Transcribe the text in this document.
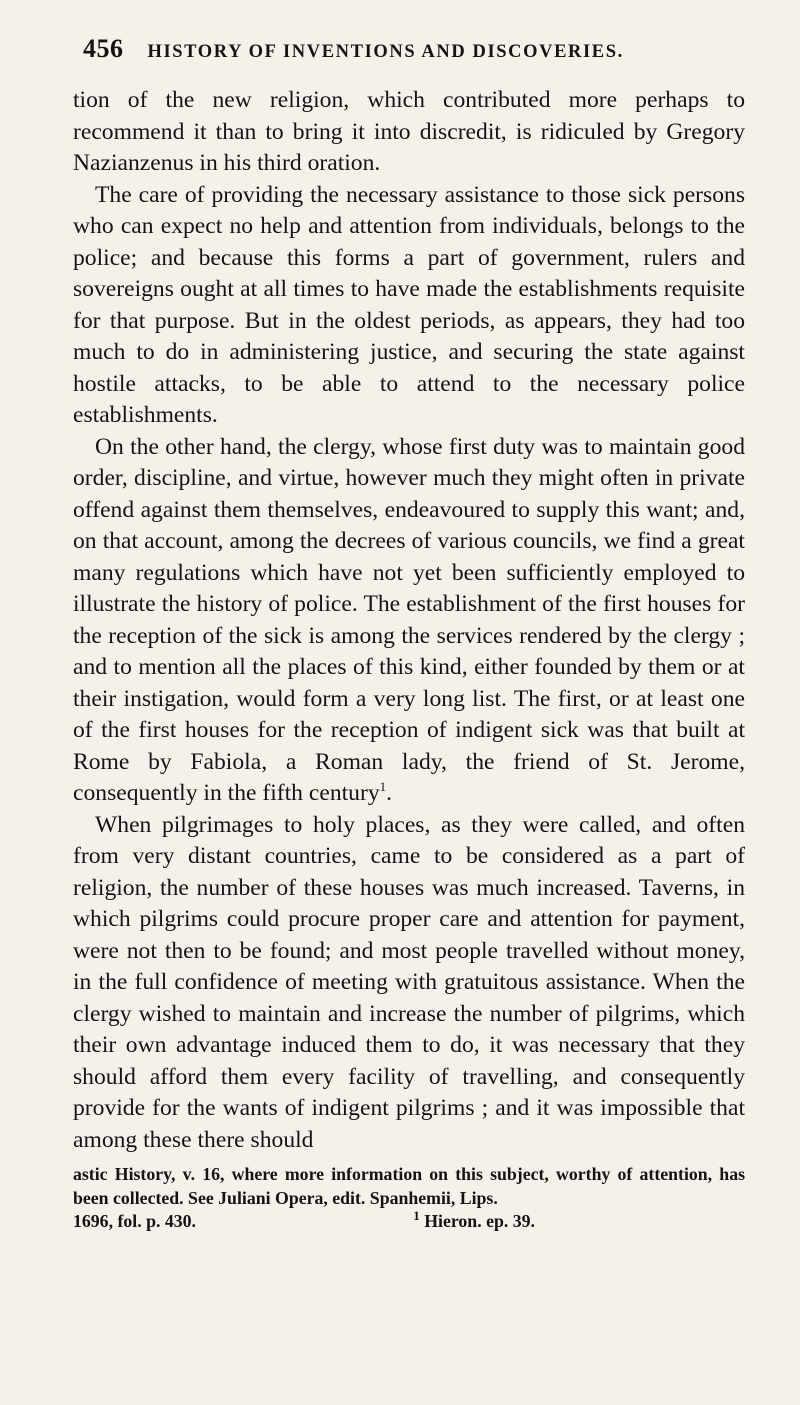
456 HISTORY OF INVENTIONS AND DISCOVERIES.

tion of the new religion, which contributed more perhaps to recommend it than to bring it into discredit, is ridiculed by Gregory Nazianzenus in his third oration.

The care of providing the necessary assistance to those sick persons who can expect no help and attention from individuals, belongs to the police; and because this forms a part of government, rulers and sovereigns ought at all times to have made the establishments requisite for that purpose. But in the oldest periods, as appears, they had too much to do in administering justice, and securing the state against hostile attacks, to be able to attend to the necessary police establishments.

On the other hand, the clergy, whose first duty was to maintain good order, discipline, and virtue, however much they might often in private offend against them themselves, endeavoured to supply this want; and, on that account, among the decrees of various councils, we find a great many regulations which have not yet been sufficiently employed to illustrate the history of police. The establishment of the first houses for the reception of the sick is among the services rendered by the clergy ; and to mention all the places of this kind, either founded by them or at their instigation, would form a very long list. The first, or at least one of the first houses for the reception of indigent sick was that built at Rome by Fabiola, a Roman lady, the friend of St. Jerome, consequently in the fifth century$^1$.

When pilgrimages to holy places, as they were called, and often from very distant countries, came to be considered as a part of religion, the number of these houses was much increased. Taverns, in which pilgrims could procure proper care and attention for payment, were not then to be found; and most people travelled without money, in the full confidence of meeting with gratuitous assistance. When the clergy wished to maintain and increase the number of pilgrims, which their own advantage induced them to do, it was necessary that they should afford them every facility of travelling, and consequently provide for the wants of indigent pilgrims ; and it was impossible that among these there should

astic History, v. 16, where more information on this subject, worthy of attention, has been collected. See Juliani Opera, edit. Spanhemii, Lips.

1696, fol. p. 430.	$^1$ Hieron. ep. 39.
